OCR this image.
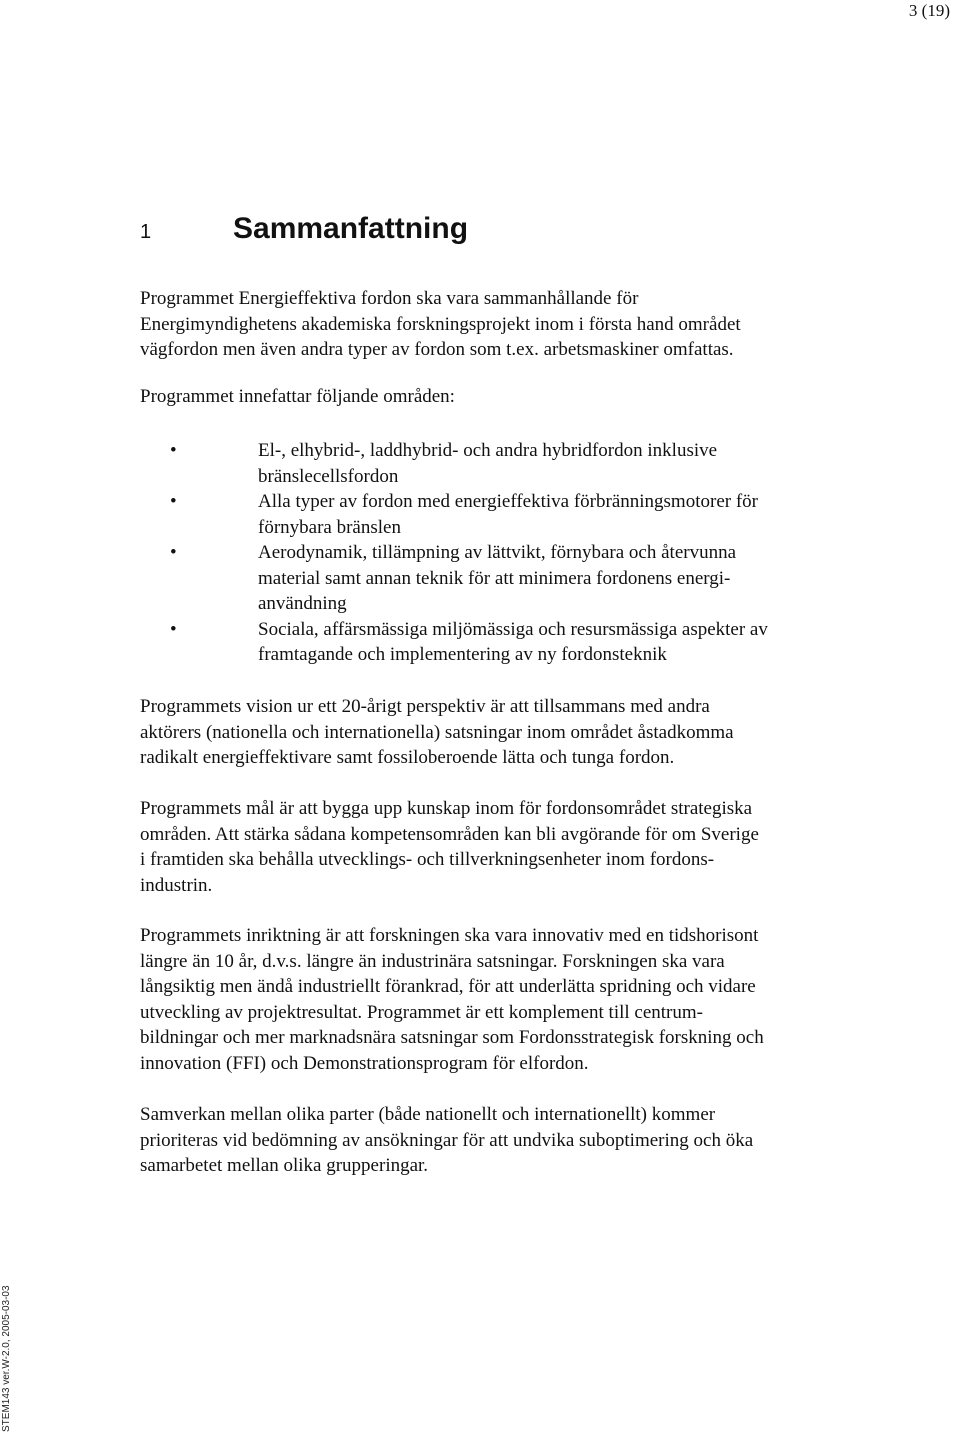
3 (19)
1	Sammanfattning

Programmet Energieffektiva fordon ska vara sammanhållande för
Energimyndighetens akademiska forskningsprojekt inom i första hand området
vägfordon men även andra typer av fordon som t.ex. arbetsmaskiner omfattas.

Programmet innefattar följande områden:

•	El-, elhybrid-, laddhybrid- och andra hybridfordon inklusive
bränslecellsfordon
•	Alla typer av fordon med energieffektiva förbränningsmotorer för
förnybara bränslen
•	Aerodynamik, tillämpning av lättvikt, förnybara och återvunna
material samt annan teknik för att minimera fordonens energi-
användning
•	Sociala, affärsmässiga miljömässiga och resursmässiga aspekter av
framtagande och implementering av ny fordonsteknik

Programmets vision ur ett 20-årigt perspektiv är att tillsammans med andra
aktörers (nationella och internationella) satsningar inom området åstadkomma
radikalt energieffektivare samt fossiloberoende lätta och tunga fordon.

Programmets mål är att bygga upp kunskap inom för fordonsområdet strategiska
områden. Att stärka sådana kompetensområden kan bli avgörande för om Sverige
i framtiden ska behålla utvecklings- och tillverkningsenheter inom fordons-
industrin.

Programmets inriktning är att forskningen ska vara innovativ med en tidshorisont
längre än 10 år, d.v.s. längre än industrinära satsningar. Forskningen ska vara
långsiktig men ändå industriellt förankrad, för att underlätta spridning och vidare
utveckling av projektresultat. Programmet är ett komplement till centrum-
bildningar och mer marknadsnära satsningar som Fordonsstrategisk forskning och
innovation (FFI) och Demonstrationsprogram för elfordon.

Samverkan mellan olika parter (både nationellt och internationellt) kommer
prioriteras vid bedömning av ansökningar för att undvika suboptimering och öka
samarbetet mellan olika grupperingar.

STEM143 ver.W-2.0, 2005-03-03
